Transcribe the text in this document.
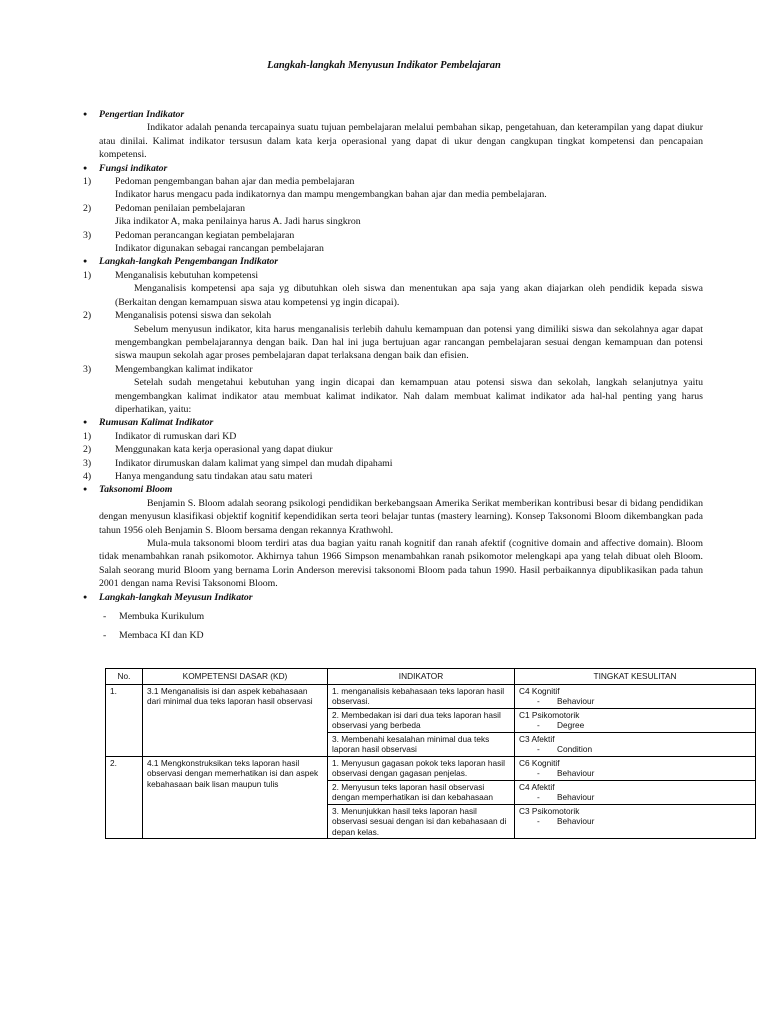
Langkah-langkah Menyusun Indikator Pembelajaran
● Pengertian Indikator
Indikator adalah penanda tercapainya suatu tujuan pembelajaran melalui pembahan sikap, pengetahuan, dan keterampilan yang dapat diukur atau dinilai. Kalimat indikator tersusun dalam kata kerja operasional yang dapat di ukur dengan cangkupan tingkat kompetensi dan pencapaian kompetensi.
● Fungsi indikator
1) Pedoman pengembangan bahan ajar dan media pembelajaran
Indikator harus mengacu pada indikatornya dan mampu mengembangkan bahan ajar dan media pembelajaran.
2) Pedoman penilaian pembelajaran
Jika indikator A, maka penilainya harus A. Jadi harus singkron
3) Pedoman perancangan kegiatan pembelajaran
Indikator digunakan sebagai rancangan pembelajaran
● Langkah-langkah Pengembangan Indikator
1) Menganalisis kebutuhan kompetensi
Menganalisis kompetensi apa saja yg dibutuhkan oleh siswa dan menentukan apa saja yang akan diajarkan oleh pendidik kepada siswa (Berkaitan dengan kemampuan siswa atau kompetensi yg ingin dicapai).
2) Menganalisis potensi siswa dan sekolah
Sebelum menyusun indikator, kita harus menganalisis terlebih dahulu kemampuan dan potensi yang dimiliki siswa dan sekolahnya agar dapat mengembangkan pembelajarannya dengan baik. Dan hal ini juga bertujuan agar rancangan pembelajaran sesuai dengan kemampuan dan potensi siswa maupun sekolah agar proses pembelajaran dapat terlaksana dengan baik dan efisien.
3) Mengembangkan kalimat indikator
Setelah sudah mengetahui kebutuhan yang ingin dicapai dan kemampuan atau potensi siswa dan sekolah, langkah selanjutnya yaitu mengembangkan kalimat indikator atau membuat kalimat indikator. Nah dalam membuat kalimat indikator ada hal-hal penting yang harus diperhatikan, yaitu:
● Rumusan Kalimat Indikator
1) Indikator di rumuskan dari KD
2) Menggunakan kata kerja operasional yang dapat diukur
3) Indikator dirumuskan dalam kalimat yang simpel dan mudah dipahami
4) Hanya mengandung satu tindakan atau satu materi
● Taksonomi Bloom
Benjamin S. Bloom adalah seorang psikologi pendidikan berkebangsaan Amerika Serikat memberikan kontribusi besar di bidang pendidikan dengan menyusun klasifikasi objektif kognitif kependidikan serta teori belajar tuntas (mastery learning). Konsep Taksonomi Bloom dikembangkan pada tahun 1956 oleh Benjamin S. Bloom bersama dengan rekannya Krathwohl.
Mula-mula taksonomi bloom terdiri atas dua bagian yaitu ranah kognitif dan ranah afektif (cognitive domain and affective domain). Bloom tidak menambahkan ranah psikomotor. Akhirnya tahun 1966 Simpson menambahkan ranah psikomotor melengkapi apa yang telah dibuat oleh Bloom. Salah seorang murid Bloom yang bernama Lorin Anderson merevisi taksonomi Bloom pada tahun 1990. Hasil perbaikannya dipublikasikan pada tahun 2001 dengan nama Revisi Taksonomi Bloom.
● Langkah-langkah Meyusun Indikator
- Membuka Kurikulum
- Membaca KI dan KD
No.	KOMPETENSI DASAR (KD)	INDIKATOR	TINGKAT KESULITAN
1.	3.1 Menganalisis isi dan aspek kebahasaan dari minimal dua teks laporan hasil observasi	1. menganalisis kebahasaan teks laporan hasil observasi.	C4 Kognitif
- Behaviour

		2. Membedakan isi dari dua teks laporan hasil observasi yang berbeda	C1 Psikomotorik
- Degree

		3. Membenahi kesalahan minimal dua teks laporan hasil observasi	C3 Afektif
- Condition

2.	4.1 Mengkonstruksikan teks laporan hasil observasi dengan memerhatikan isi dan aspek kebahasaan baik lisan maupun tulis	1. Menyusun gagasan pokok teks laporan hasil observasi dengan gagasan penjelas.	C6 Kognitif
- Behaviour

		2. Menyusun teks laporan hasil observasi dengan memperhatikan isi dan kebahasaan	C4 Afektif
- Behaviour

		3. Menunjukkan hasil teks laporan hasil observasi sesuai dengan isi dan kebahasaan di depan kelas.	C3 Psikomotorik
- Behaviour
